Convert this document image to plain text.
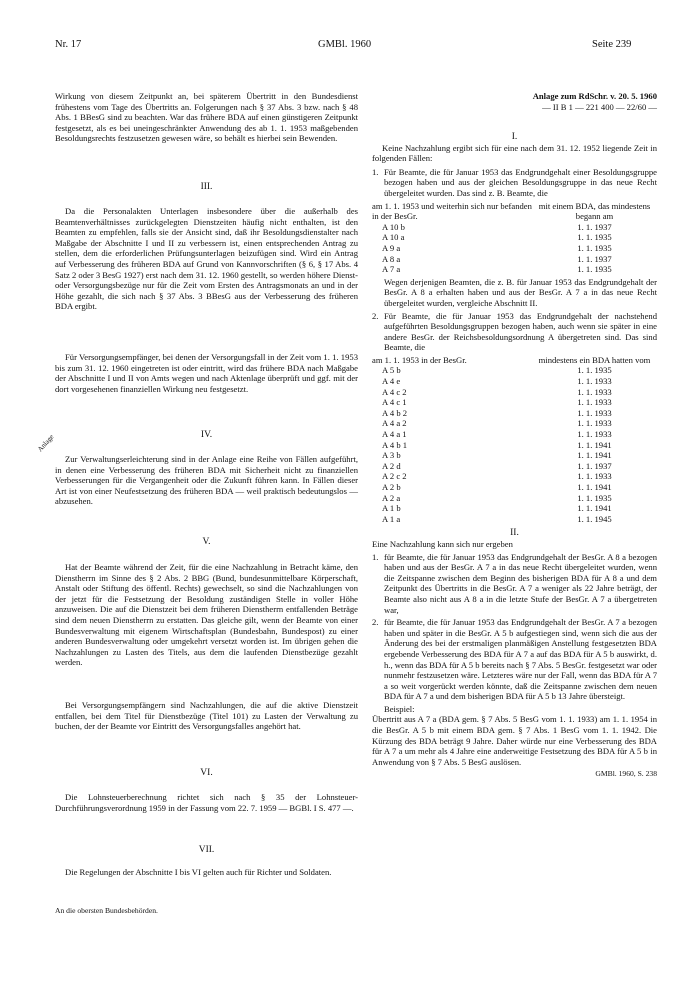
Nr. 17	GMBl. 1960	Seite 239
Anlage

Wirkung von diesem Zeitpunkt an, bei späterem Übertritt in den Bundesdienst frühestens vom Tage des Übertritts an. Folgerungen nach § 37 Abs. 3 bzw. nach § 48 Abs. 1 BBesG sind zu beachten. War das frühere BDA auf einen günstigeren Zeitpunkt festgesetzt, als es bei uneingeschränkter Anwendung des ab 1. 1. 1953 maßgebenden Besoldungsrechts festzusetzen gewesen wäre, so behält es hierbei sein Bewenden.

III.

Da die Personalakten Unterlagen insbesondere über die außerhalb des Beamtenverhältnisses zurückgelegten Dienstzeiten häufig nicht enthalten, ist den Beamten zu empfehlen, falls sie der Ansicht sind, daß ihr Besoldungsdienstalter nach Maßgabe der Abschnitte I und II zu verbessern ist, einen entsprechenden Antrag zu stellen, dem die erforderlichen Prüfungsunterlagen beizufügen sind. Wird ein Antrag auf Verbesserung des früheren BDA auf Grund von Kannvorschriften (§ 6, § 17 Abs. 4 Satz 2 oder 3 BesG 1927) erst nach dem 31. 12. 1960 gestellt, so werden höhere Dienst- oder Versorgungsbezüge nur für die Zeit vom Ersten des Antragsmonats an und in der Höhe gezahlt, die sich nach § 37 Abs. 3 BBesG aus der Verbesserung des früheren BDA ergibt.

Für Versorgungsempfänger, bei denen der Versorgungsfall in der Zeit vom 1. 1. 1953 bis zum 31. 12. 1960 eingetreten ist oder eintritt, wird das frühere BDA nach Maßgabe der Abschnitte I und II von Amts wegen und nach Aktenlage überprüft und ggf. mit der dort vorgesehenen finanziellen Wirkung neu festgesetzt.

IV.

Zur Verwaltungserleichterung sind in der Anlage eine Reihe von Fällen aufgeführt, in denen eine Verbesserung des früheren BDA mit Sicherheit nicht zu finanziellen Verbesserungen für die Vergangenheit oder die Zukunft führen kann. In Fällen dieser Art ist von einer Neufestsetzung des früheren BDA — weil praktisch bedeutungslos — abzusehen.

V.

Hat der Beamte während der Zeit, für die eine Nachzahlung in Betracht käme, den Dienstherrn im Sinne des § 2 Abs. 2 BBG (Bund, bundesunmittelbare Körperschaft, Anstalt oder Stiftung des öffentl. Rechts) gewechselt, so sind die Nachzahlungen von der jetzt für die Festsetzung der Besoldung zuständigen Stelle in voller Höhe anzuweisen. Die auf die Dienstzeit bei dem früheren Dienstherrn entfallenden Beträge sind dem neuen Dienstherrn zu erstatten. Das gleiche gilt, wenn der Beamte von einer Bundesverwaltung mit eigenem Wirtschaftsplan (Bundesbahn, Bundespost) zu einer anderen Bundesverwaltung oder umgekehrt versetzt worden ist. Im übrigen gehen die Nachzahlungen zu Lasten des Titels, aus dem die laufenden Dienstbezüge gezahlt werden.

Bei Versorgungsempfängern sind Nachzahlungen, die auf die aktive Dienstzeit entfallen, bei dem Titel für Dienstbezüge (Titel 101) zu Lasten der Verwaltung zu buchen, der der Beamte vor Eintritt des Versorgungsfalles angehört hat.

VI.

Die Lohnsteuerberechnung richtet sich nach § 35 der Lohnsteuer-Durchführungsverordnung 1959 in der Fassung vom 22. 7. 1959 — BGBl. I S. 477 —.

VII.

Die Regelungen der Abschnitte I bis VI gelten auch für Richter und Soldaten.

An die obersten Bundesbehörden.
Anlage zum RdSchr. v. 20. 5. 1960
— II B 1 — 221 400 — 22/60 —

I.

Keine Nachzahlung ergibt sich für eine nach dem 31. 12. 1952 liegende Zeit in folgenden Fällen:

1. Für Beamte, die für Januar 1953 das Endgrundgehalt einer Besoldungsgruppe bezogen haben und aus der gleichen Besoldungsgruppe in das neue Recht übergeleitet wurden. Das sind z. B. Beamte, die
am 1. 1. 1953 und weiterhin sich nur befanden in der BesGr.
mit einem BDA, das mindestens begann am
A 10 b	1. 1. 1937
A 10 a	1. 1. 1935
A 9 a	1. 1. 1935
A 8 a	1. 1. 1937
A 7 a	1. 1. 1935
Wegen derjenigen Beamten, die z. B. für Januar 1953 das Endgrundgehalt der BesGr. A 8 a erhalten haben und aus der BesGr. A 7 a in das neue Recht übergeleitet wurden, vergleiche Abschnitt II.
2. Für Beamte, die für Januar 1953 das Endgrundgehalt der nachstehend aufgeführten Besoldungsgruppen bezogen haben, auch wenn sie später in eine andere BesGr. der Reichsbesoldungsordnung A übergetreten sind. Das sind Beamte, die
am 1. 1. 1953 in der BesGr.	mindestens ein BDA hatten vom
A 5 b	1. 1. 1935
A 4 e	1. 1. 1933
A 4 c 2	1. 1. 1933
A 4 c 1	1. 1. 1933
A 4 b 2	1. 1. 1933
A 4 a 2	1. 1. 1933
A 4 a 1	1. 1. 1933
A 4 b 1	1. 1. 1941
A 3 b	1. 1. 1941
A 2 d	1. 1. 1937
A 2 c 2	1. 1. 1933
A 2 b	1. 1. 1941
A 2 a	1. 1. 1935
A 1 b	1. 1. 1941
A 1 a	1. 1. 1945

II.

Eine Nachzahlung kann sich nur ergeben

1. für Beamte, die für Januar 1953 das Endgrundgehalt der BesGr. A 8 a bezogen haben und aus der BesGr. A 7 a in das neue Recht übergeleitet wurden, wenn die Zeitspanne zwischen dem Beginn des bisherigen BDA für A 8 a und dem Zeitpunkt des Übertritts in die BesGr. A 7 a weniger als 22 Jahre beträgt, der Beamte also nicht aus A 8 a in die letzte Stufe der BesGr. A 7 a übergetreten war,
2. für Beamte, die für Januar 1953 das Endgrundgehalt der BesGr. A 7 a bezogen haben und später in die BesGr. A 5 b aufgestiegen sind, wenn sich die aus der Änderung des bei der erstmaligen planmäßigen Anstellung festgesetzten BDA ergebende Verbesserung des BDA für A 7 a auf das BDA für A 5 b auswirkt, d. h., wenn das BDA für A 5 b bereits nach § 7 Abs. 5 BesGr. festgesetzt war oder nunmehr festzusetzen wäre. Letzteres wäre nur der Fall, wenn das BDA für A 7 a so weit vorgerückt werden könnte, daß die Zeitspanne zwischen dem neuen BDA für A 7 a und dem bisherigen BDA für A 5 b 13 Jahre übersteigt.
Beispiel:
Übertritt aus A 7 a (BDA gem. § 7 Abs. 5 BesG vom 1. 1. 1933) am 1. 1. 1954 in die BesGr. A 5 b mit einem BDA gem. § 7 Abs. 1 BesG vom 1. 1. 1942. Die Kürzung des BDA beträgt 9 Jahre. Daher würde nur eine Verbesserung des BDA für A 7 a um mehr als 4 Jahre eine anderweitige Festsetzung des BDA für A 5 b in Anwendung von § 7 Abs. 5 BesG auslösen.
GMBl. 1960, S. 238
